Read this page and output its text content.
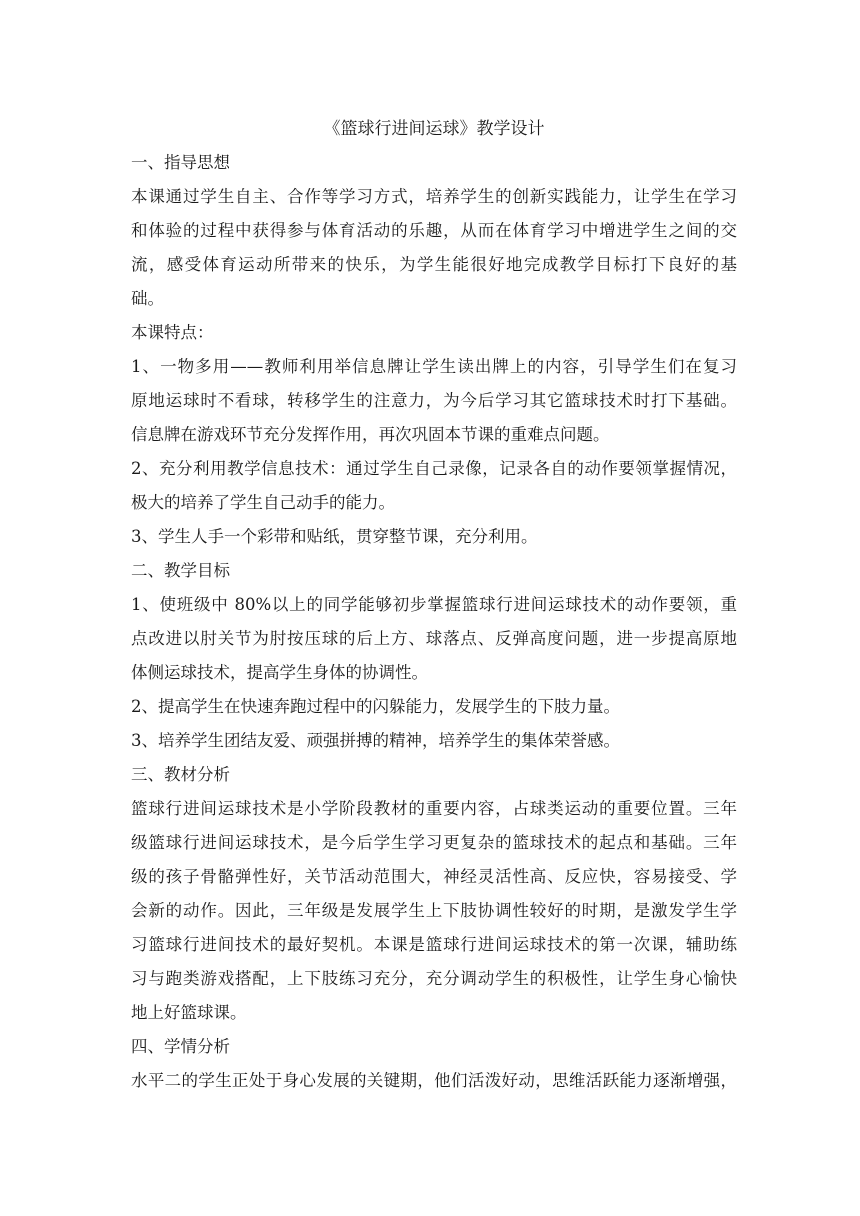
《篮球行进间运球》教学设计
一、指导思想
本课通过学生自主、合作等学习方式，培养学生的创新实践能力，让学生在学习
和体验的过程中获得参与体育活动的乐趣，从而在体育学习中增进学生之间的交
流，感受体育运动所带来的快乐，为学生能很好地完成教学目标打下良好的基
础。
本课特点：
1、一物多用——教师利用举信息牌让学生读出牌上的内容，引导学生们在复习
原地运球时不看球，转移学生的注意力，为今后学习其它篮球技术时打下基础。
信息牌在游戏环节充分发挥作用，再次巩固本节课的重难点问题。
2、充分利用教学信息技术：通过学生自己录像，记录各自的动作要领掌握情况，
极大的培养了学生自己动手的能力。
3、学生人手一个彩带和贴纸，贯穿整节课，充分利用。
二、教学目标
1、使班级中 80%以上的同学能够初步掌握篮球行进间运球技术的动作要领，重
点改进以肘关节为肘按压球的后上方、球落点、反弹高度问题，进一步提高原地
体侧运球技术，提高学生身体的协调性。
2、提高学生在快速奔跑过程中的闪躲能力，发展学生的下肢力量。
3、培养学生团结友爱、顽强拼搏的精神，培养学生的集体荣誉感。
三、教材分析
篮球行进间运球技术是小学阶段教材的重要内容，占球类运动的重要位置。三年
级篮球行进间运球技术，是今后学生学习更复杂的篮球技术的起点和基础。三年
级的孩子骨骼弹性好，关节活动范围大，神经灵活性高、反应快，容易接受、学
会新的动作。因此，三年级是发展学生上下肢协调性较好的时期，是激发学生学
习篮球行进间技术的最好契机。本课是篮球行进间运球技术的第一次课，辅助练
习与跑类游戏搭配，上下肢练习充分，充分调动学生的积极性，让学生身心愉快
地上好篮球课。
四、学情分析
水平二的学生正处于身心发展的关键期，他们活泼好动，思维活跃能力逐渐增强，
